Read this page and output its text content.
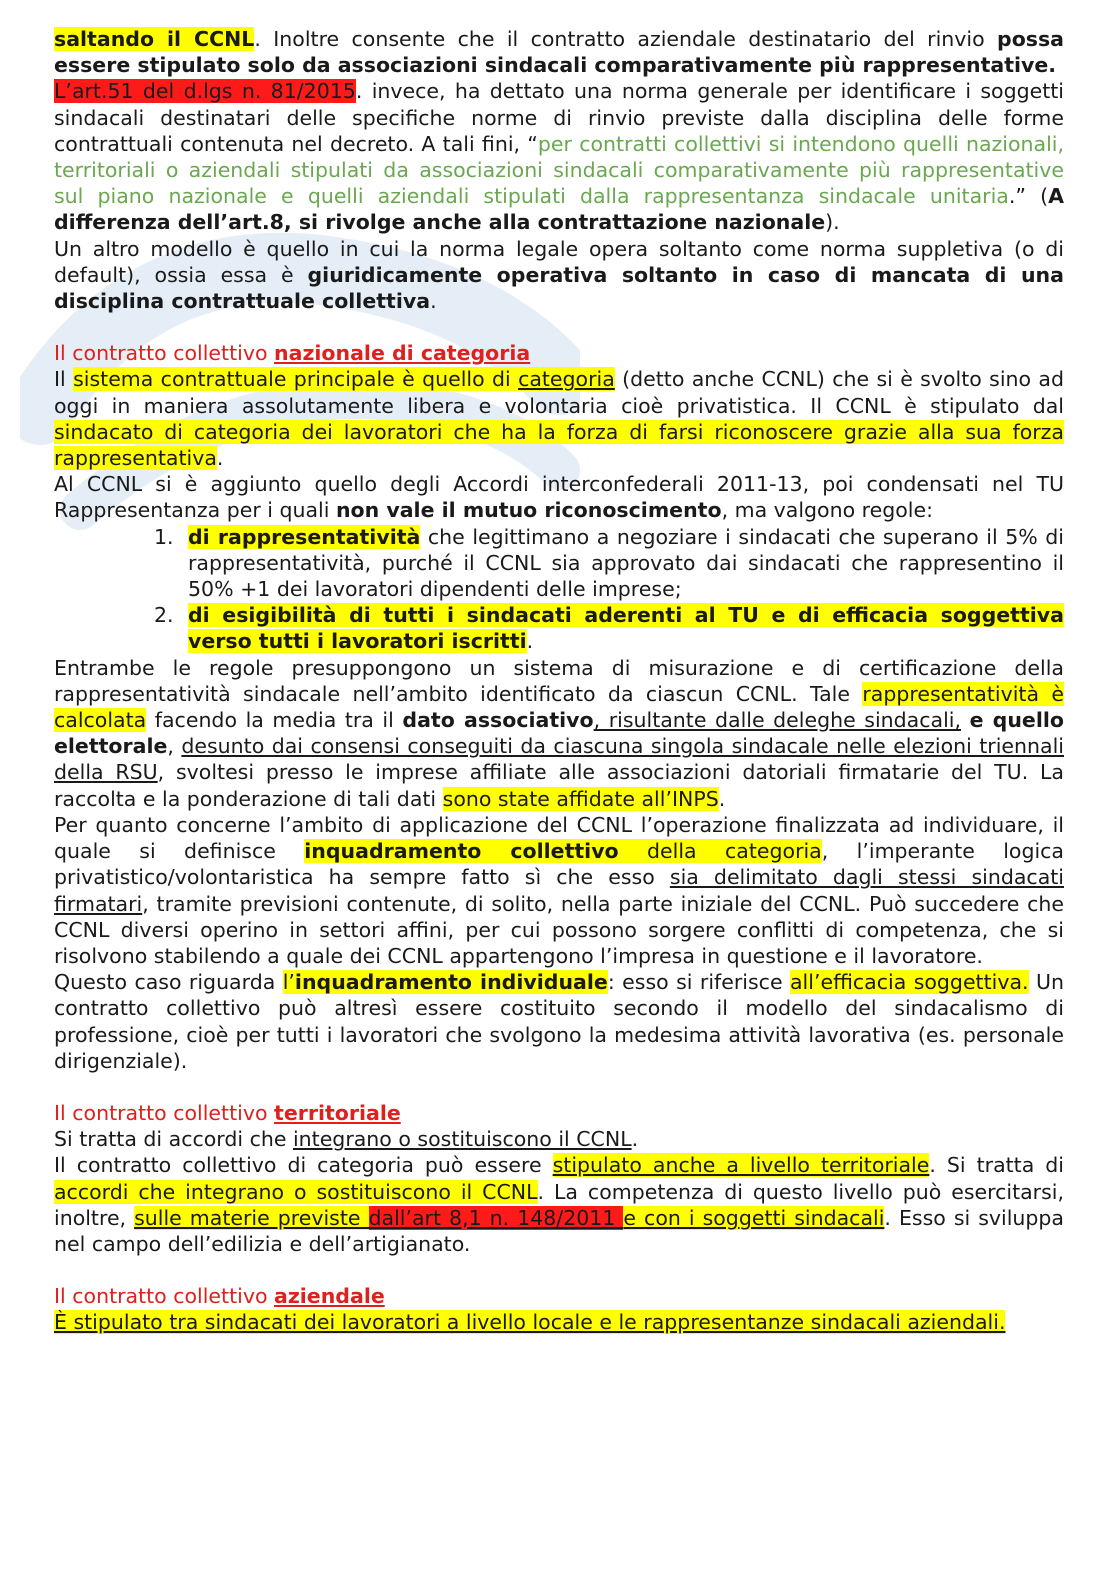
saltando il CCNL. Inoltre consente che il contratto aziendale destinatario del rinvio possa essere stipulato solo da associazioni sindacali comparativamente più rappresentative.

L’art.51 del d.lgs n. 81/2015. invece, ha dettato una norma generale per identificare i soggetti sindacali destinatari delle specifiche norme di rinvio previste dalla disciplina delle forme contrattuali contenuta nel decreto. A tali fini, “per contratti collettivi si intendono quelli nazionali, territoriali o aziendali stipulati da associazioni sindacali comparativamente più rappresentative sul piano nazionale e quelli aziendali stipulati dalla rappresentanza sindacale unitaria.” (A differenza dell’art.8, si rivolge anche alla contrattazione nazionale).

Un altro modello è quello in cui la norma legale opera soltanto come norma suppletiva (o di default), ossia essa è giuridicamente operativa soltanto in caso di mancata di una disciplina contrattuale collettiva.

Il contratto collettivo nazionale di categoria

Il sistema contrattuale principale è quello di categoria (detto anche CCNL) che si è svolto sino ad oggi in maniera assolutamente libera e volontaria cioè privatistica. Il CCNL è stipulato dal sindacato di categoria dei lavoratori che ha la forza di farsi riconoscere grazie alla sua forza rappresentativa.

Al CCNL si è aggiunto quello degli Accordi interconfederali 2011-13, poi condensati nel TU Rappresentanza per i quali non vale il mutuo riconoscimento, ma valgono regole:

1. di rappresentatività che legittimano a negoziare i sindacati che superano il 5% di rappresentatività, purché il CCNL sia approvato dai sindacati che rappresentino il 50% +1 dei lavoratori dipendenti delle imprese;
2. di esigibilità di tutti i sindacati aderenti al TU e di efficacia soggettiva verso tutti i lavoratori iscritti.

Entrambe le regole presuppongono un sistema di misurazione e di certificazione della rappresentatività sindacale nell’ambito identificato da ciascun CCNL. Tale rappresentatività è calcolata facendo la media tra il dato associativo, risultante dalle deleghe sindacali, e quello elettorale, desunto dai consensi conseguiti da ciascuna singola sindacale nelle elezioni triennali della RSU, svoltesi presso le imprese affiliate alle associazioni datoriali firmatarie del TU. La raccolta e la ponderazione di tali dati sono state affidate all’INPS.

Per quanto concerne l’ambito di applicazione del CCNL l’operazione finalizzata ad individuare, il quale si definisce inquadramento collettivo della categoria, l’imperante logica privatistico/volontaristica ha sempre fatto sì che esso sia delimitato dagli stessi sindacati firmatari, tramite previsioni contenute, di solito, nella parte iniziale del CCNL. Può succedere che CCNL diversi operino in settori affini, per cui possono sorgere conflitti di competenza, che si risolvono stabilendo a quale dei CCNL appartengono l’impresa in questione e il lavoratore.

Questo caso riguarda l’inquadramento individuale: esso si riferisce all’efficacia soggettiva. Un contratto collettivo può altresì essere costituito secondo il modello del sindacalismo di professione, cioè per tutti i lavoratori che svolgono la medesima attività lavorativa (es. personale dirigenziale).

Il contratto collettivo territoriale

Si tratta di accordi che integrano o sostituiscono il CCNL.

Il contratto collettivo di categoria può essere stipulato anche a livello territoriale. Si tratta di accordi che integrano o sostituiscono il CCNL. La competenza di questo livello può esercitarsi, inoltre, sulle materie previste dall’art 8,1 n. 148/2011 e con i soggetti sindacali. Esso si sviluppa nel campo dell’edilizia e dell’artigianato.

Il contratto collettivo aziendale

È stipulato tra sindacati dei lavoratori a livello locale e le rappresentanze sindacali aziendali.
